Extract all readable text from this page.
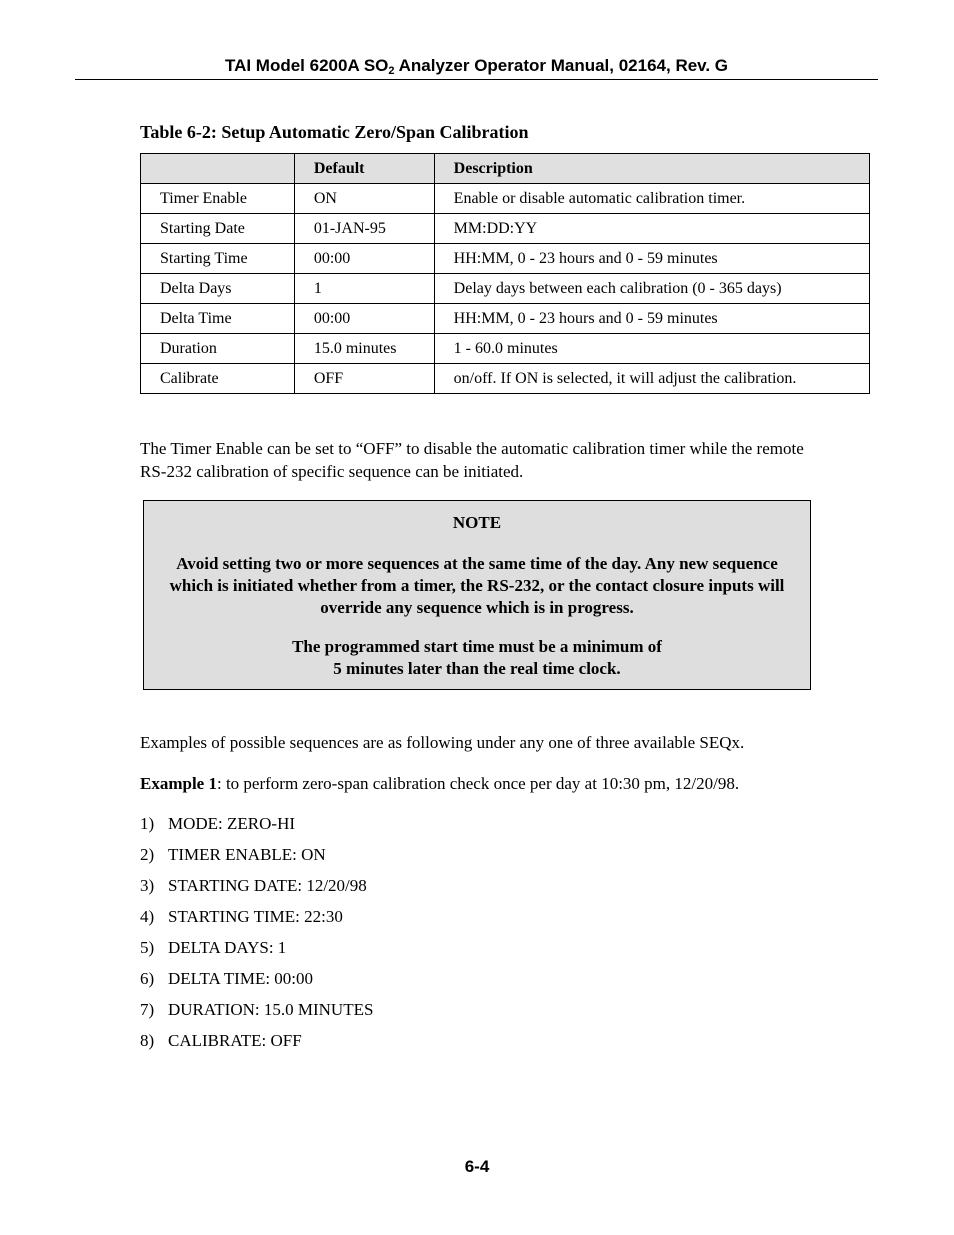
TAI Model 6200A $SO_2$ Analyzer Operator Manual, 02164, Rev. G
Table 6-2: Setup Automatic Zero/Span Calibration
	Default	Description
Timer Enable	ON	Enable or disable automatic calibration timer.
Starting Date	01-JAN-95	MM:DD:YY
Starting Time	00:00	HH:MM, 0 - 23 hours and 0 - 59 minutes
Delta Days	1	Delay days between each calibration (0 - 365 days)
Delta Time	00:00	HH:MM, 0 - 23 hours and 0 - 59 minutes
Duration	15.0 minutes	1 - 60.0 minutes
Calibrate	OFF	on/off. If ON is selected, it will adjust the calibration.
The Timer Enable can be set to “OFF” to disable the automatic calibration timer while the remote RS-232 calibration of specific sequence can be initiated.
NOTE
Avoid setting two or more sequences at the same time of the day. Any new sequence which is initiated whether from a timer, the RS-232, or the contact closure inputs will override any sequence which is in progress.
The programmed start time must be a minimum of
5 minutes later than the real time clock.
Examples of possible sequences are as following under any one of three available SEQx.
Example 1: to perform zero-span calibration check once per day at 10:30 pm, 12/20/98.
1) MODE: ZERO-HI
2) TIMER ENABLE: ON
3) STARTING DATE: 12/20/98
4) STARTING TIME: 22:30
5) DELTA DAYS: 1
6) DELTA TIME: 00:00
7) DURATION: 15.0 MINUTES
8) CALIBRATE: OFF
6-4
